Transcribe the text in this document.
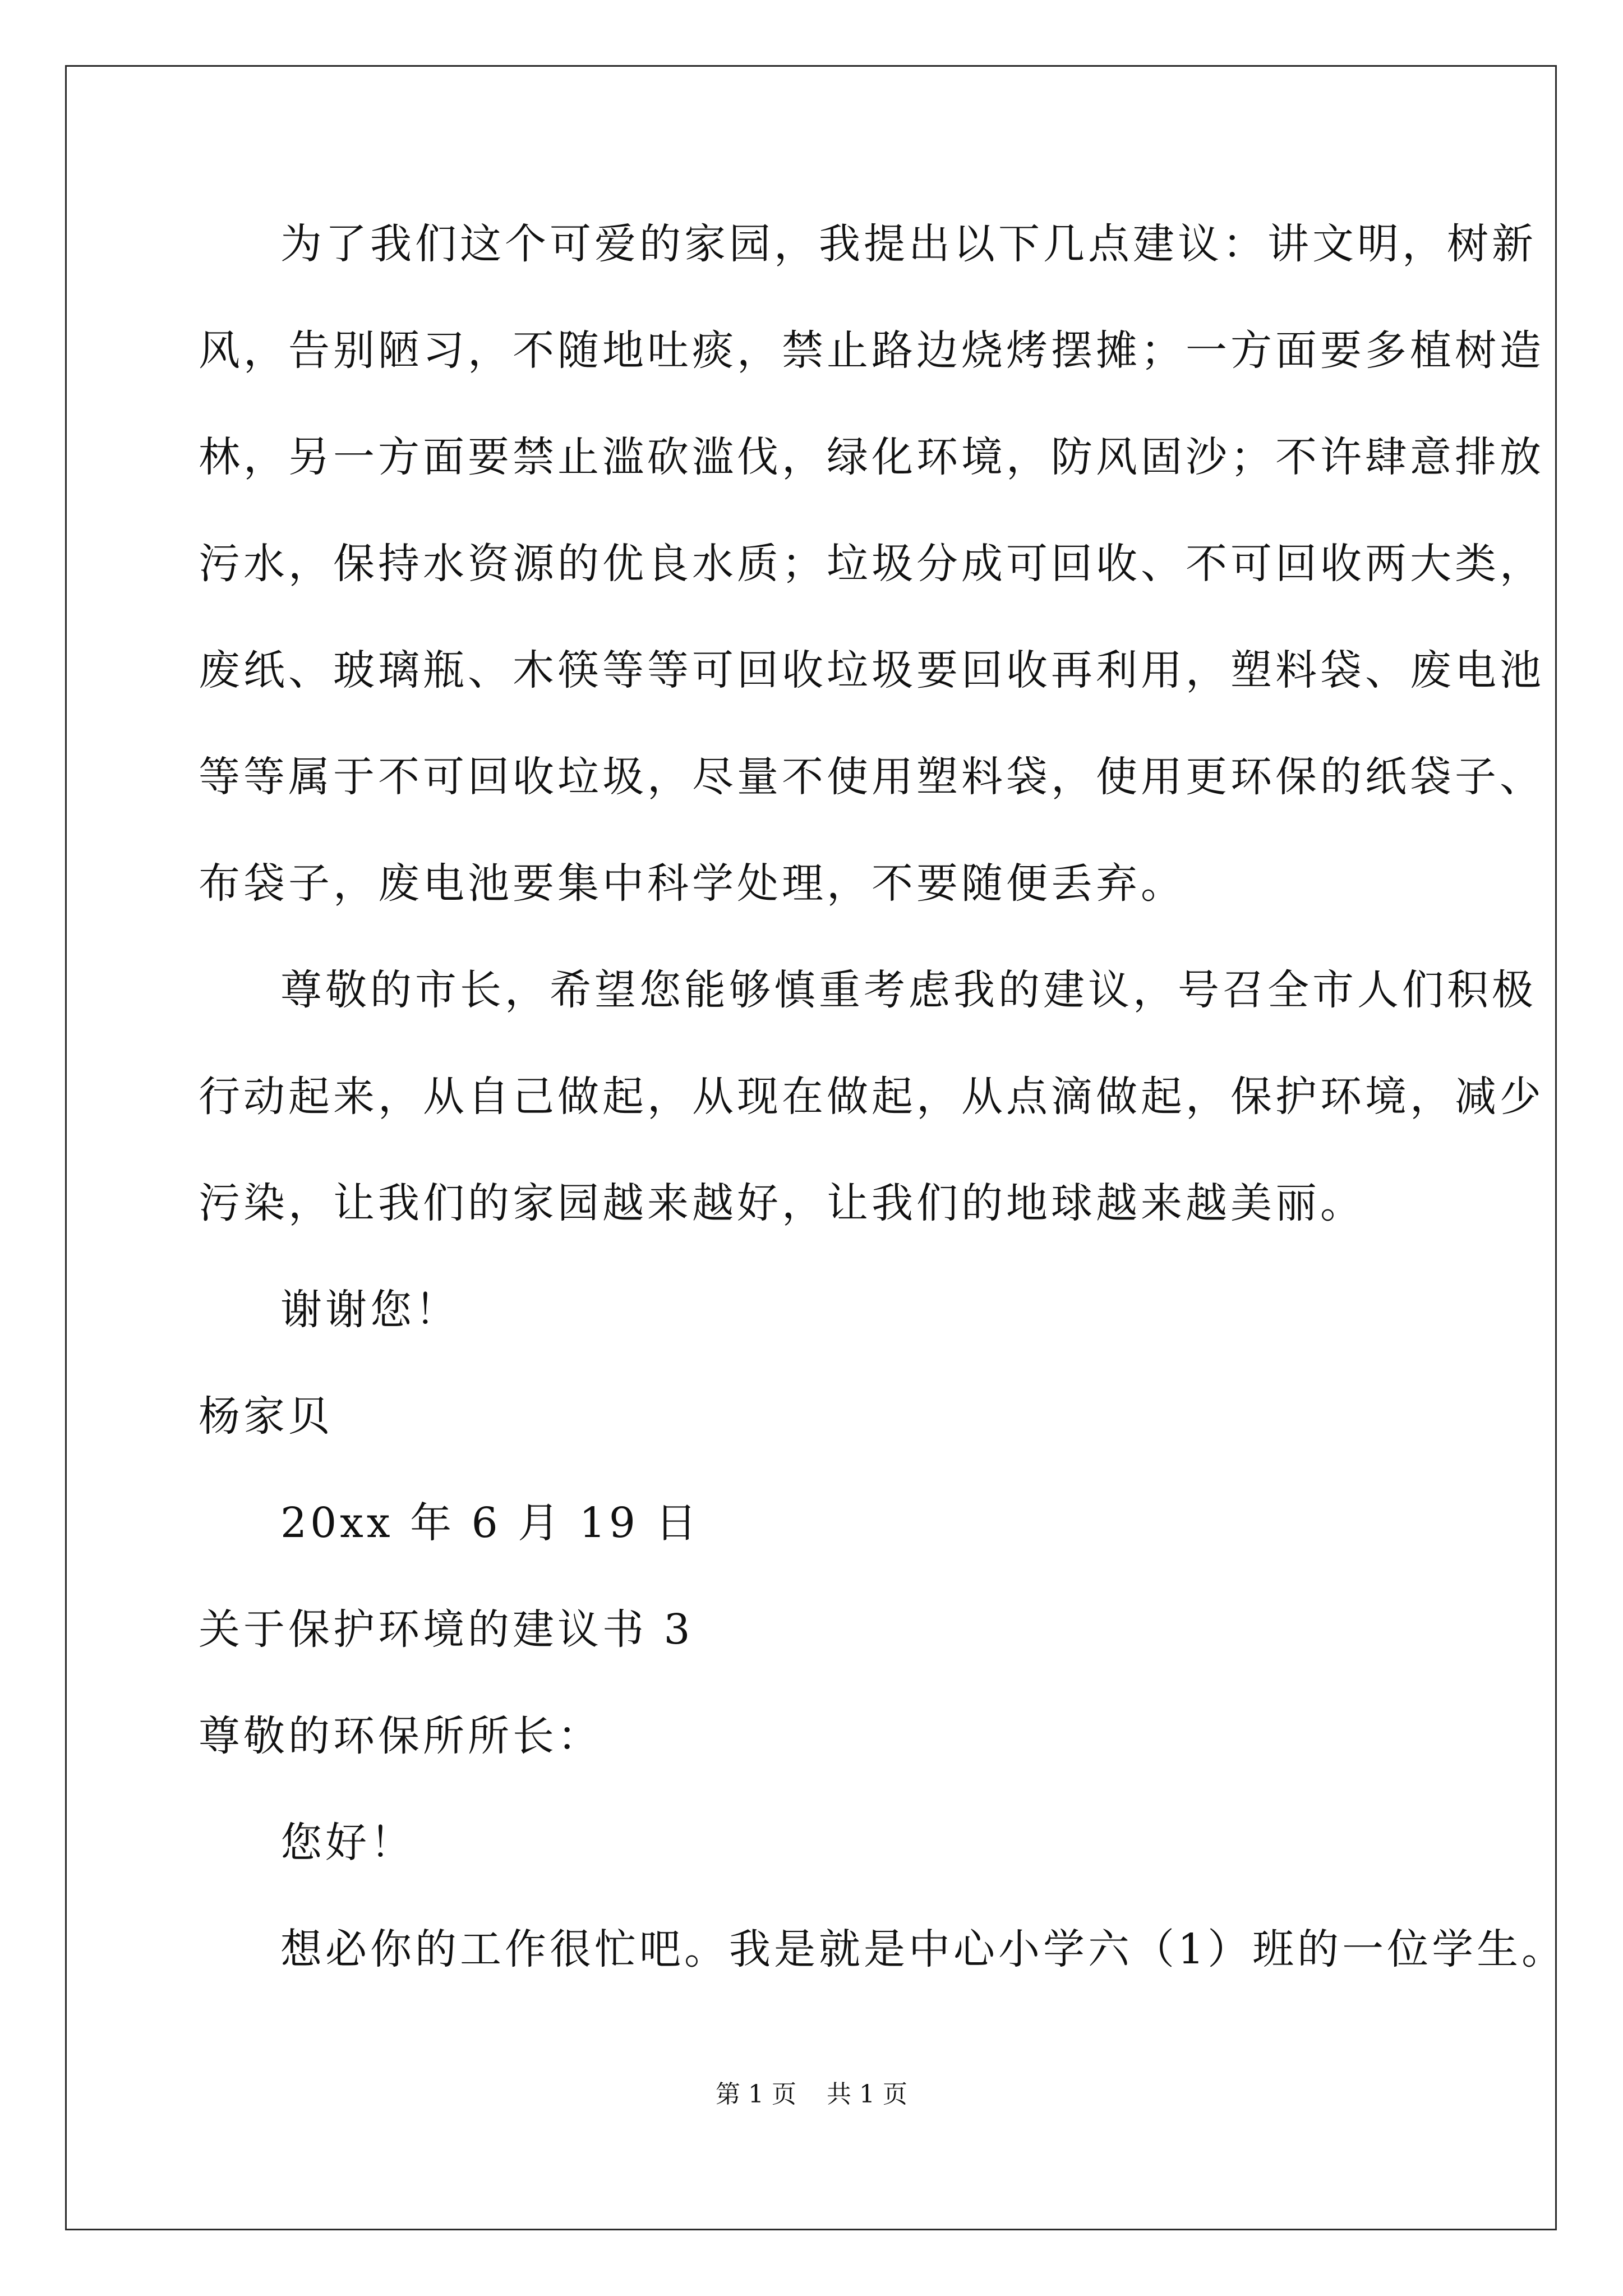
为了我们这个可爱的家园，我提出以下几点建议：讲文明，树新
风，告别陋习，不随地吐痰，禁止路边烧烤摆摊；一方面要多植树造
林，另一方面要禁止滥砍滥伐，绿化环境，防风固沙；不许肆意排放
污水，保持水资源的优良水质；垃圾分成可回收、不可回收两大类，
废纸、玻璃瓶、木筷等等可回收垃圾要回收再利用，塑料袋、废电池
等等属于不可回收垃圾，尽量不使用塑料袋，使用更环保的纸袋子、
布袋子，废电池要集中科学处理，不要随便丢弃。
尊敬的市长，希望您能够慎重考虑我的建议，号召全市人们积极
行动起来，从自己做起，从现在做起，从点滴做起，保护环境，减少
污染，让我们的家园越来越好，让我们的地球越来越美丽。
谢谢您！
杨家贝
20xx 年 6 月 19 日
关于保护环境的建议书 3
尊敬的环保所所长：
您好！
想必你的工作很忙吧。我是就是中心小学六（1）班的一位学生。
第 1 页 共 1 页
